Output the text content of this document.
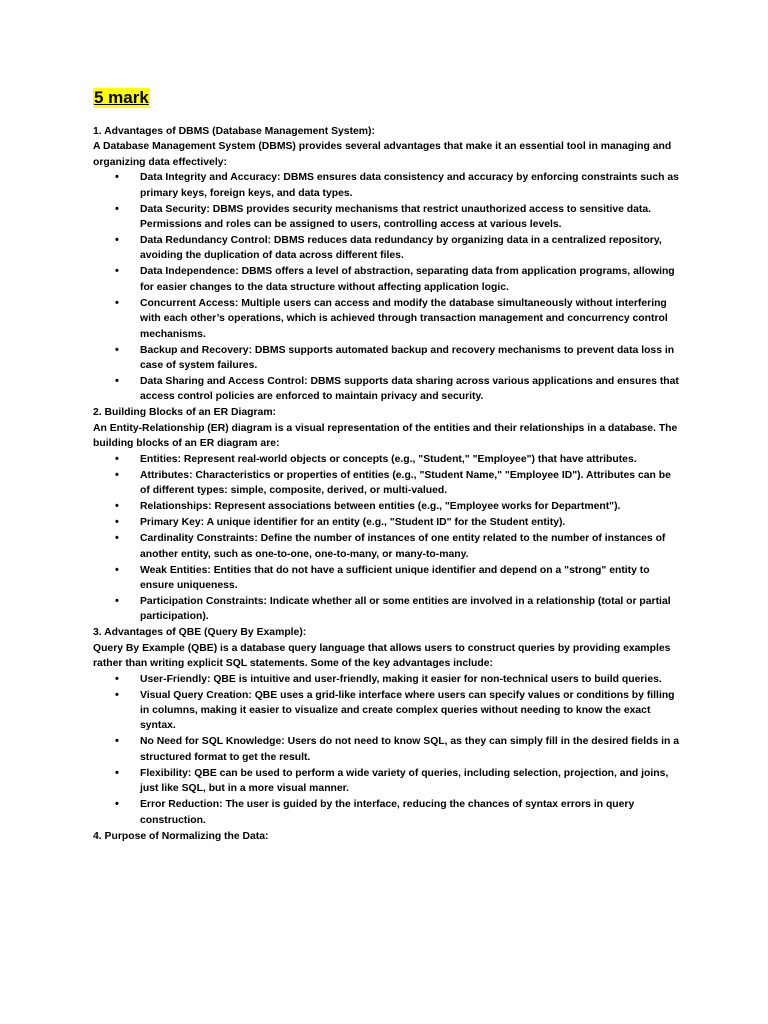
5 mark

1. Advantages of DBMS (Database Management System):

A Database Management System (DBMS) provides several advantages that make it an essential tool in managing and organizing data effectively:

• Data Integrity and Accuracy: DBMS ensures data consistency and accuracy by enforcing constraints such as primary keys, foreign keys, and data types.
• Data Security: DBMS provides security mechanisms that restrict unauthorized access to sensitive data. Permissions and roles can be assigned to users, controlling access at various levels.
• Data Redundancy Control: DBMS reduces data redundancy by organizing data in a centralized repository, avoiding the duplication of data across different files.
• Data Independence: DBMS offers a level of abstraction, separating data from application programs, allowing for easier changes to the data structure without affecting application logic.
• Concurrent Access: Multiple users can access and modify the database simultaneously without interfering with each other’s operations, which is achieved through transaction management and concurrency control mechanisms.
• Backup and Recovery: DBMS supports automated backup and recovery mechanisms to prevent data loss in case of system failures.
• Data Sharing and Access Control: DBMS supports data sharing across various applications and ensures that access control policies are enforced to maintain privacy and security.

2. Building Blocks of an ER Diagram:

An Entity-Relationship (ER) diagram is a visual representation of the entities and their relationships in a database. The building blocks of an ER diagram are:

• Entities: Represent real-world objects or concepts (e.g., "Student," "Employee") that have attributes.
• Attributes: Characteristics or properties of entities (e.g., "Student Name," "Employee ID"). Attributes can be of different types: simple, composite, derived, or multi-valued.
• Relationships: Represent associations between entities (e.g., "Employee works for Department").
• Primary Key: A unique identifier for an entity (e.g., "Student ID" for the Student entity).
• Cardinality Constraints: Define the number of instances of one entity related to the number of instances of another entity, such as one-to-one, one-to-many, or many-to-many.
• Weak Entities: Entities that do not have a sufficient unique identifier and depend on a "strong" entity to ensure uniqueness.
• Participation Constraints: Indicate whether all or some entities are involved in a relationship (total or partial participation).

3. Advantages of QBE (Query By Example):

Query By Example (QBE) is a database query language that allows users to construct queries by providing examples rather than writing explicit SQL statements. Some of the key advantages include:

• User-Friendly: QBE is intuitive and user-friendly, making it easier for non-technical users to build queries.
• Visual Query Creation: QBE uses a grid-like interface where users can specify values or conditions by filling in columns, making it easier to visualize and create complex queries without needing to know the exact syntax.
• No Need for SQL Knowledge: Users do not need to know SQL, as they can simply fill in the desired fields in a structured format to get the result.
• Flexibility: QBE can be used to perform a wide variety of queries, including selection, projection, and joins, just like SQL, but in a more visual manner.
• Error Reduction: The user is guided by the interface, reducing the chances of syntax errors in query construction.

4. Purpose of Normalizing the Data:
